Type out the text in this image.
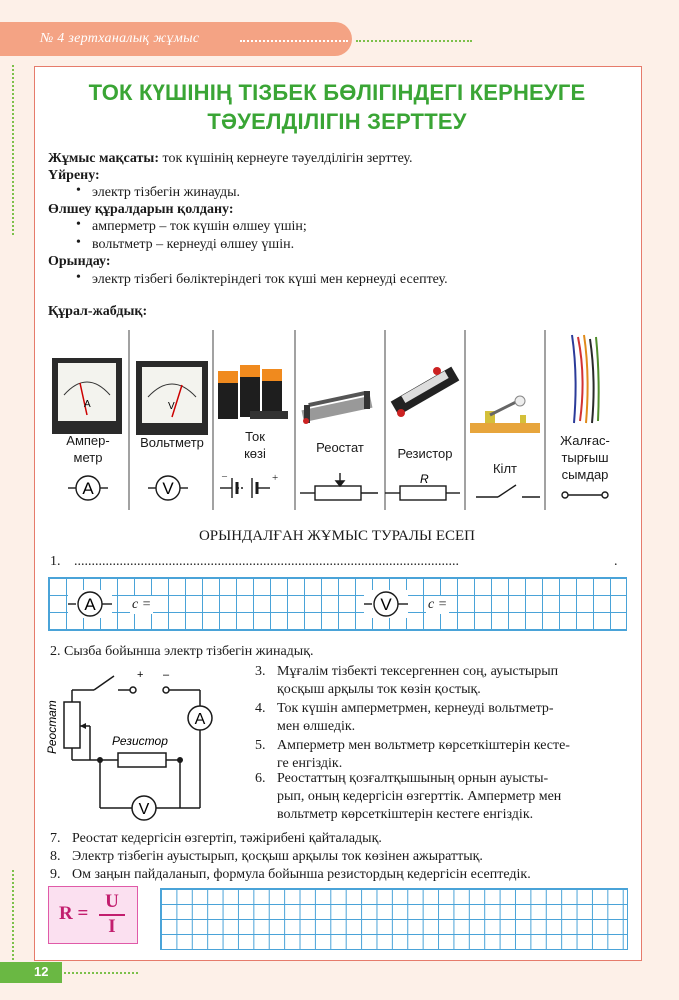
№ 4 зертханалық жұмыс
ТОК КҮШІНІҢ ТІЗБЕК БӨЛІГІНДЕГІ КЕРНЕУГЕ
ТӘУЕЛДІЛІГІН ЗЕРТТЕУ
Жұмыс мақсаты: ток күшінің кернеуге тәуелділігін зерттеу.
Үйрену:
• электр тізбегін жинауды.
Өлшеу құралдарын қолдану:
• амперметр – ток күшін өлшеу үшін;
• вольтметр – кернеуді өлшеу үшін.
Орындау:
• электр тізбегі бөліктеріндегі ток күші мен кернеуді есептеу.
Құрал-жабдық:
A	V
A	V
–	+	R
Ампер-
метр
Вольтметр	Ток
көзі	Реостат	Резистор
Кілт
Жалғас-
тырғыш
сымдар
ОРЫНДАЛҒАН ЖҰМЫС ТУРАЛЫ ЕСЕП
1. ..............................................................................................................	.
A	c =	V	c =
2. Сызба бойынша электр тізбегін жинадық.
+ –
A
V
Резистор
Реостат
3. Мұғалім тізбекті тексергеннен соң, ауыстырып
қосқыш арқылы ток көзін қостық.
4. Ток күшін амперметрмен, кернеуді вольтметр-
мен өлшедік.
5. Амперметр мен вольтметр көрсеткіштерін кесте-
ге енгіздік.
6. Реостаттың қозғалтқышының орнын ауысты-
рып, оның кедергісін өзгерттік. Амперметр мен
вольтметр көрсеткіштерін кестеге енгіздік.
7. Реостат кедергісін өзгертіп, тәжірибені қайталадық.
8. Электр тізбегін ауыстырып, қосқыш арқылы ток көзінен ажыраттық.
9. Ом заңын пайдаланып, формула бойынша резистордың кедергісін есептедік.
R =
U
I
12
